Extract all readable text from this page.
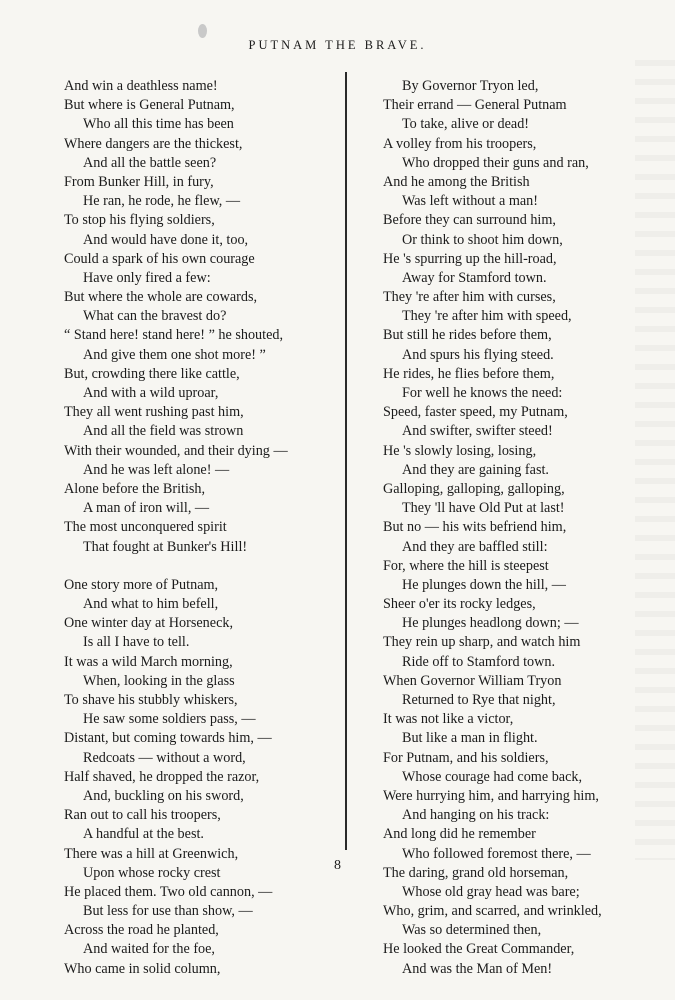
PUTNAM THE BRAVE.
And win a deathless name!
But where is General Putnam,
Who all this time has been
Where dangers are the thickest,
And all the battle seen?
From Bunker Hill, in fury,
He ran, he rode, he flew, —
To stop his flying soldiers,
And would have done it, too,
Could a spark of his own courage
Have only fired a few:
But where the whole are cowards,
What can the bravest do?
“ Stand here! stand here! ” he shouted,
And give them one shot more! ”
But, crowding there like cattle,
And with a wild uproar,
They all went rushing past him,
And all the field was strown
With their wounded, and their dying —
And he was left alone! —
Alone before the British,
A man of iron will, —
The most unconquered spirit
That fought at Bunker's Hill!
One story more of Putnam,
And what to him befell,
One winter day at Horseneck,
Is all I have to tell.
It was a wild March morning,
When, looking in the glass
To shave his stubbly whiskers,
He saw some soldiers pass, —
Distant, but coming towards him, —
Redcoats — without a word,
Half shaved, he dropped the razor,
And, buckling on his sword,
Ran out to call his troopers,
A handful at the best.
There was a hill at Greenwich,
Upon whose rocky crest
He placed them. Two old cannon, —
But less for use than show, —
Across the road he planted,
And waited for the foe,
Who came in solid column,
By Governor Tryon led,
Their errand — General Putnam
To take, alive or dead!
A volley from his troopers,
Who dropped their guns and ran,
And he among the British
Was left without a man!
Before they can surround him,
Or think to shoot him down,
He 's spurring up the hill-road,
Away for Stamford town.
They 're after him with curses,
They 're after him with speed,
But still he rides before them,
And spurs his flying steed.
He rides, he flies before them,
For well he knows the need:
Speed, faster speed, my Putnam,
And swifter, swifter steed!
He 's slowly losing, losing,
And they are gaining fast.
Galloping, galloping, galloping,
They 'll have Old Put at last!
But no — his wits befriend him,
And they are baffled still:
For, where the hill is steepest
He plunges down the hill, —
Sheer o'er its rocky ledges,
He plunges headlong down; —
They rein up sharp, and watch him
Ride off to Stamford town.
When Governor William Tryon
Returned to Rye that night,
It was not like a victor,
But like a man in flight.
For Putnam, and his soldiers,
Whose courage had come back,
Were hurrying him, and harrying him,
And hanging on his track:
And long did he remember
Who followed foremost there, —
The daring, grand old horseman,
Whose old gray head was bare;
Who, grim, and scarred, and wrinkled,
Was so determined then,
He looked the Great Commander,
And was the Man of Men!
8
